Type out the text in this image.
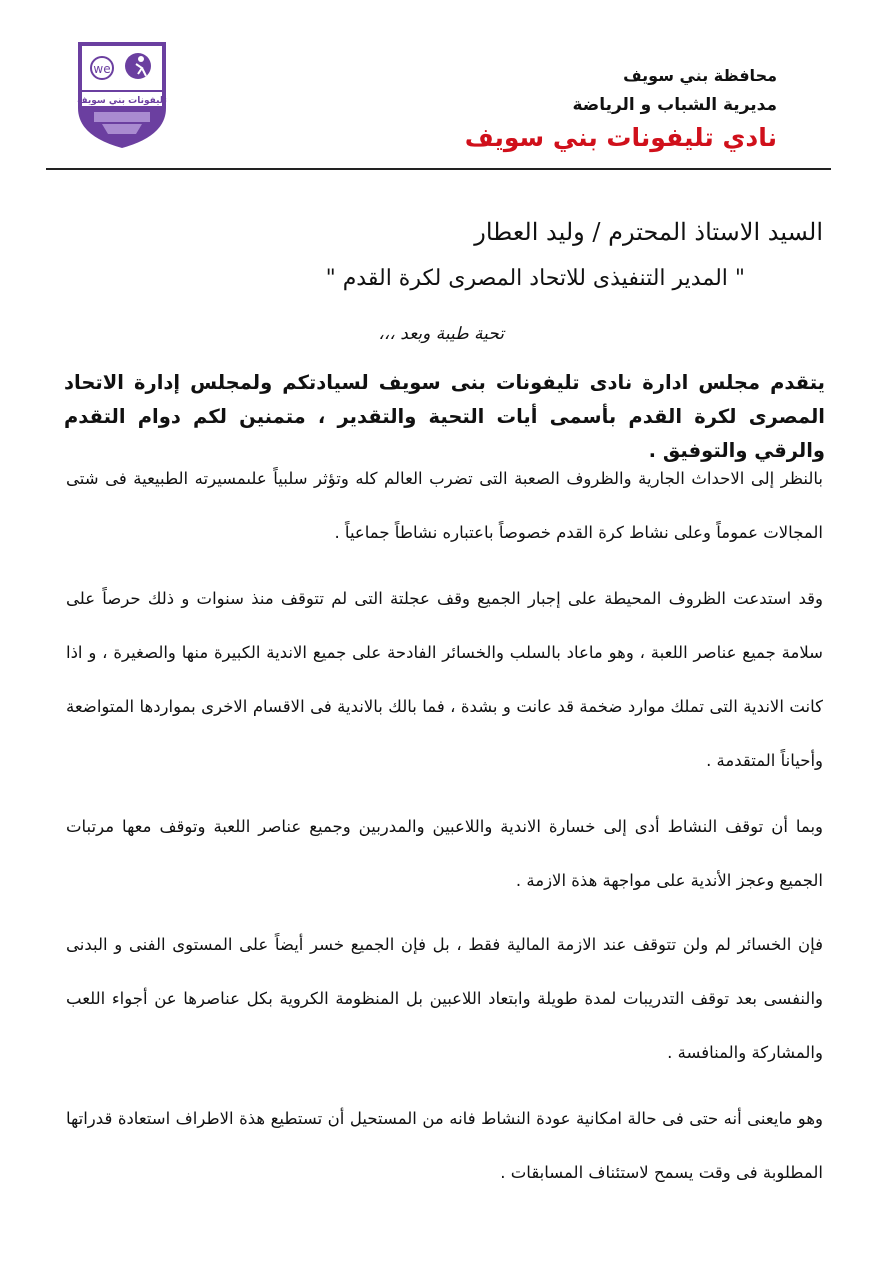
we
تليفونات بني سويف
محافظة بني سويف
مديرية الشباب و الرياضة
نادي تليفونات بني سويف
السيد الاستاذ المحترم / وليد العطار
" المدير التنفيذى للاتحاد المصرى لكرة القدم "
تحية طيبة وبعد ،،،
يتقدم مجلس ادارة نادى تليفونات بنى سويف لسيادتكم ولمجلس إدارة الاتحاد المصرى لكرة القدم بأسمى أيات التحية والتقدير ، متمنين لكم دوام التقدم والرقي والتوفيق .
بالنظر إلى الاحداث الجارية والظروف الصعبة التى تضرب العالم كله وتؤثر سلبياً علىمسيرته الطبيعية فى شتى المجالات عموماً وعلى نشاط كرة القدم خصوصاً باعتباره نشاطاً جماعياً .
وقد استدعت الظروف المحيطة على إجبار الجميع وقف عجلتة التى لم تتوقف منذ سنوات و ذلك حرصاً على سلامة جميع عناصر اللعبة ، وهو ماعاد بالسلب والخسائر الفادحة على جميع الاندية الكبيرة منها والصغيرة ، و اذا كانت الاندية التى تملك موارد ضخمة قد عانت و بشدة ، فما بالك بالاندية فى الاقسام الاخرى بمواردها المتواضعة وأحياناً المتقدمة .
وبما أن توقف النشاط أدى إلى خسارة الاندية واللاعبين والمدربين وجميع عناصر اللعبة وتوقف معها مرتبات الجميع وعجز الأندية على مواجهة هذة الازمة .
فإن الخسائر لم ولن تتوقف عند الازمة المالية فقط ، بل فإن الجميع خسر أيضاً على المستوى الفنى و البدنى والنفسى بعد توقف التدريبات لمدة طويلة وابتعاد اللاعبين بل المنظومة الكروية بكل عناصرها عن أجواء اللعب والمشاركة والمنافسة .
وهو مايعنى أنه حتى فى حالة امكانية عودة النشاط فانه من المستحيل أن تستطيع هذة الاطراف استعادة قدراتها المطلوبة فى وقت يسمح لاستئناف المسابقات .
